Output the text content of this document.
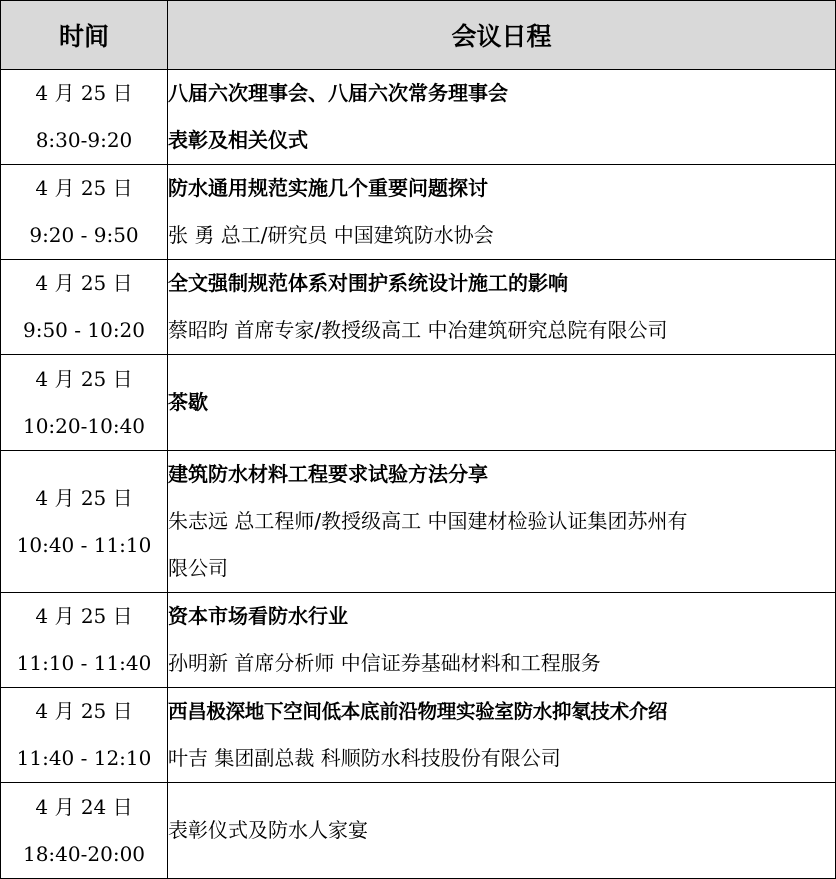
时间	会议日程

4 月 25 日
8:30-9:20	八届六次理事会、八届六次常务理事会
表彰及相关仪式

4 月 25 日
9:20 - 9:50	防水通用规范实施几个重要问题探讨
张 勇 总工/研究员 中国建筑防水协会

4 月 25 日
9:50 - 10:20	全文强制规范体系对围护系统设计施工的影响
蔡昭昀 首席专家/教授级高工 中冶建筑研究总院有限公司

4 月 25 日
10:20-10:40	茶歇

4 月 25 日
10:40 - 11:10	建筑防水材料工程要求试验方法分享
朱志远 总工程师/教授级高工 中国建材检验认证集团苏州有
限公司

4 月 25 日
11:10 - 11:40	资本市场看防水行业
孙明新 首席分析师 中信证券基础材料和工程服务

4 月 25 日
11:40 - 12:10	西昌极深地下空间低本底前沿物理实验室防水抑氡技术介绍
叶吉 集团副总裁 科顺防水科技股份有限公司

4 月 24 日
18:40-20:00	表彰仪式及防水人家宴
